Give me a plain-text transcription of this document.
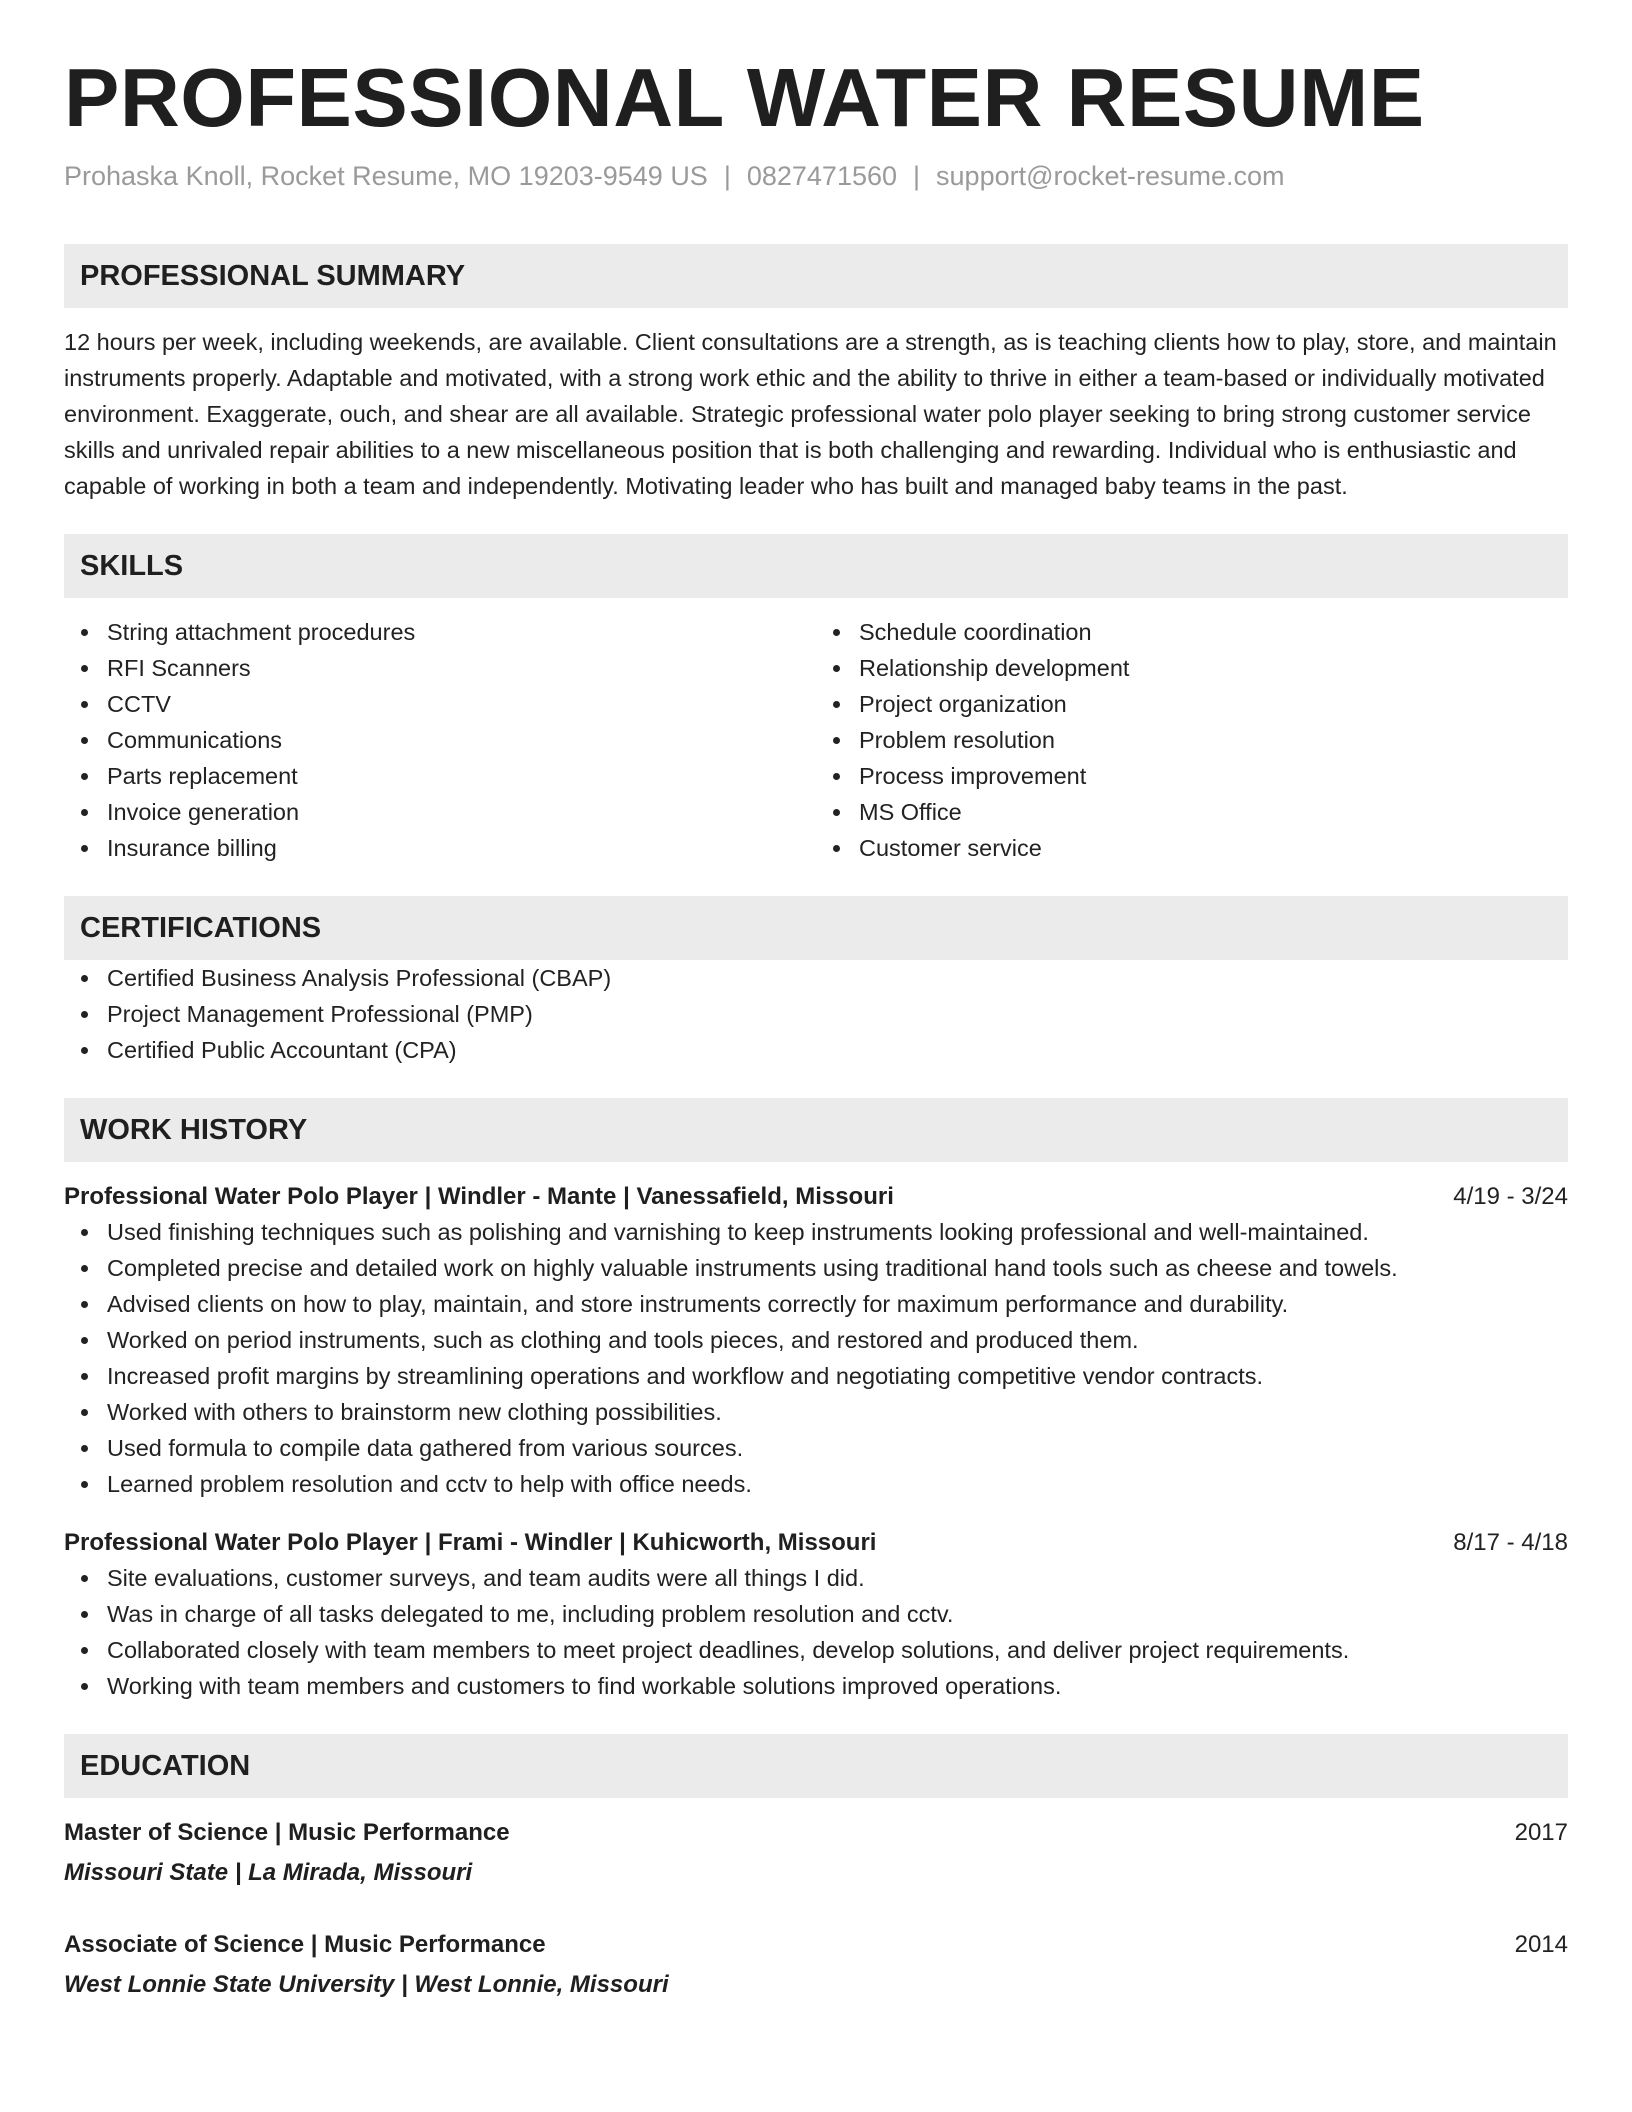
PROFESSIONAL WATER RESUME
Prohaska Knoll, Rocket Resume, MO 19203-9549 US | 0827471560 | support@rocket-resume.com
PROFESSIONAL SUMMARY

12 hours per week, including weekends, are available. Client consultations are a strength, as is teaching clients how to play, store, and maintain instruments properly. Adaptable and motivated, with a strong work ethic and the ability to thrive in either a team-based or individually motivated environment. Exaggerate, ouch, and shear are all available. Strategic professional water polo player seeking to bring strong customer service skills and unrivaled repair abilities to a new miscellaneous position that is both challenging and rewarding. Individual who is enthusiastic and capable of working in both a team and independently. Motivating leader who has built and managed baby teams in the past.

SKILLS
String attachment procedures
RFI Scanners
CCTV
Communications
Parts replacement
Invoice generation
Insurance billing
Schedule coordination
Relationship development
Project organization
Problem resolution
Process improvement
MS Office
Customer service
CERTIFICATIONS
Certified Business Analysis Professional (CBAP)
Project Management Professional (PMP)
Certified Public Accountant (CPA)
WORK HISTORY
Professional Water Polo Player | Windler - Mante | Vanessafield, Missouri	4/19 - 3/24
Used finishing techniques such as polishing and varnishing to keep instruments looking professional and well-maintained.
Completed precise and detailed work on highly valuable instruments using traditional hand tools such as cheese and towels.
Advised clients on how to play, maintain, and store instruments correctly for maximum performance and durability.
Worked on period instruments, such as clothing and tools pieces, and restored and produced them.
Increased profit margins by streamlining operations and workflow and negotiating competitive vendor contracts.
Worked with others to brainstorm new clothing possibilities.
Used formula to compile data gathered from various sources.
Learned problem resolution and cctv to help with office needs.
Professional Water Polo Player | Frami - Windler | Kuhicworth, Missouri	8/17 - 4/18
Site evaluations, customer surveys, and team audits were all things I did.
Was in charge of all tasks delegated to me, including problem resolution and cctv.
Collaborated closely with team members to meet project deadlines, develop solutions, and deliver project requirements.
Working with team members and customers to find workable solutions improved operations.
EDUCATION
Master of Science | Music Performance	2017
Missouri State | La Mirada, Missouri
Associate of Science | Music Performance	2014
West Lonnie State University | West Lonnie, Missouri
